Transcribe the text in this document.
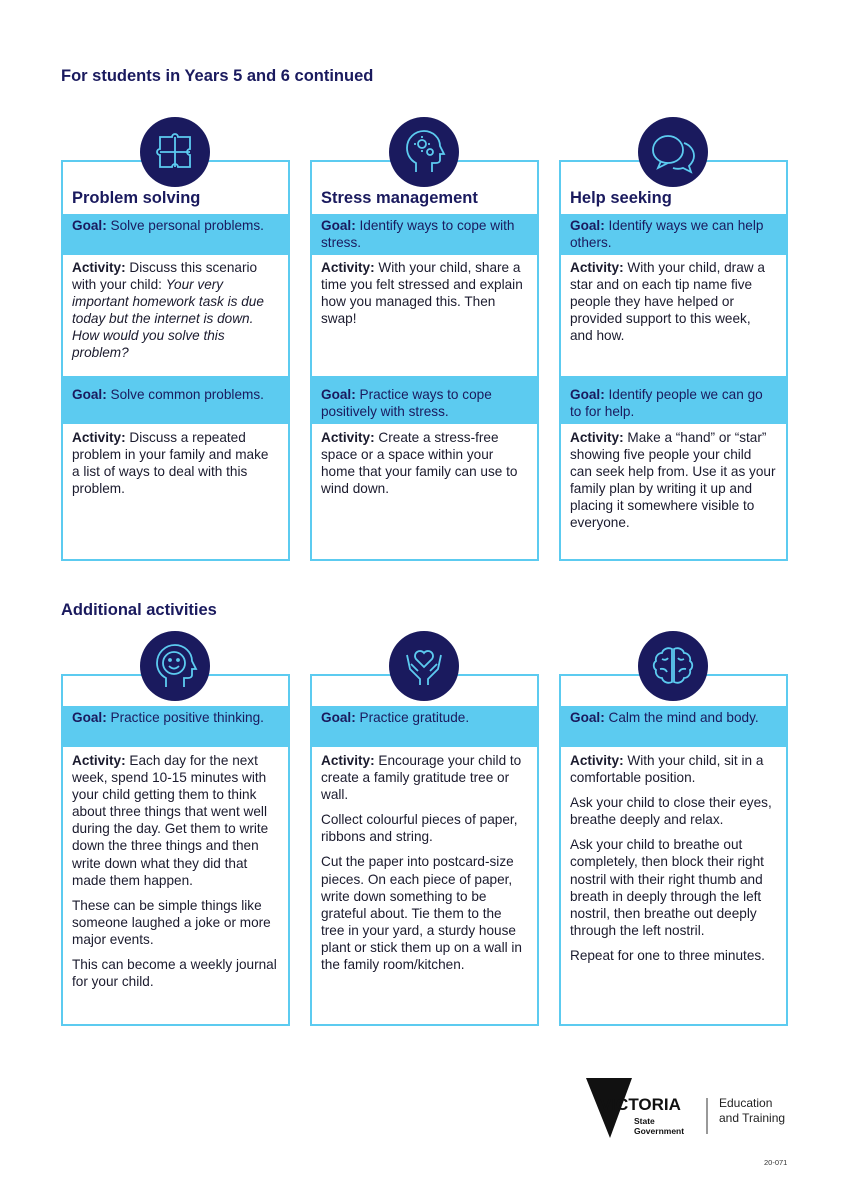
For students in Years 5 and 6 continued
Problem solving
Goal: Solve personal problems.

Activity: Discuss this scenario with your child: Your very important homework task is due today but the internet is down. How would you solve this problem?

Goal: Solve common problems.

Activity: Discuss a repeated problem in your family and make a list of ways to deal with this problem.

Stress management
Goal: Identify ways to cope with stress.

Activity: With your child, share a time you felt stressed and explain how you managed this. Then swap!

Goal: Practice ways to cope positively with stress.

Activity: Create a stress-free space or a space within your home that your family can use to wind down.

Help seeking
Goal: Identify ways we can help others.

Activity: With your child, draw a star and on each tip name five people they have helped or provided support to this week, and how.

Goal: Identify people we can go to for help.

Activity: Make a “hand” or “star” showing five people your child can seek help from. Use it as your family plan by writing it up and placing it somewhere visible to everyone.

Additional activities
Goal: Practice positive thinking.

Activity: Each day for the next week, spend 10-15 minutes with your child getting them to think about three things that went well during the day. Get them to write down the three things and then write down what they did that made them happen.

These can be simple things like someone laughed a joke or more major events.

This can become a weekly journal for your child.

Goal: Practice gratitude.

Activity: Encourage your child to create a family gratitude tree or wall.

Collect colourful pieces of paper, ribbons and string.

Cut the paper into postcard-size pieces. On each piece of paper, write down something to be grateful about. Tie them to the tree in your yard, a sturdy house plant or stick them up on a wall in the family room/kitchen.

Goal: Calm the mind and body.

Activity: With your child, sit in a comfortable position.

Ask your child to close their eyes, breathe deeply and relax.

Ask your child to breathe out completely, then block their right nostril with their right thumb and breath in deeply through the left nostril, then breathe out deeply through the left nostril.

Repeat for one to three minutes.

VICTORIA
State
Government
Education
and Training
20-071
